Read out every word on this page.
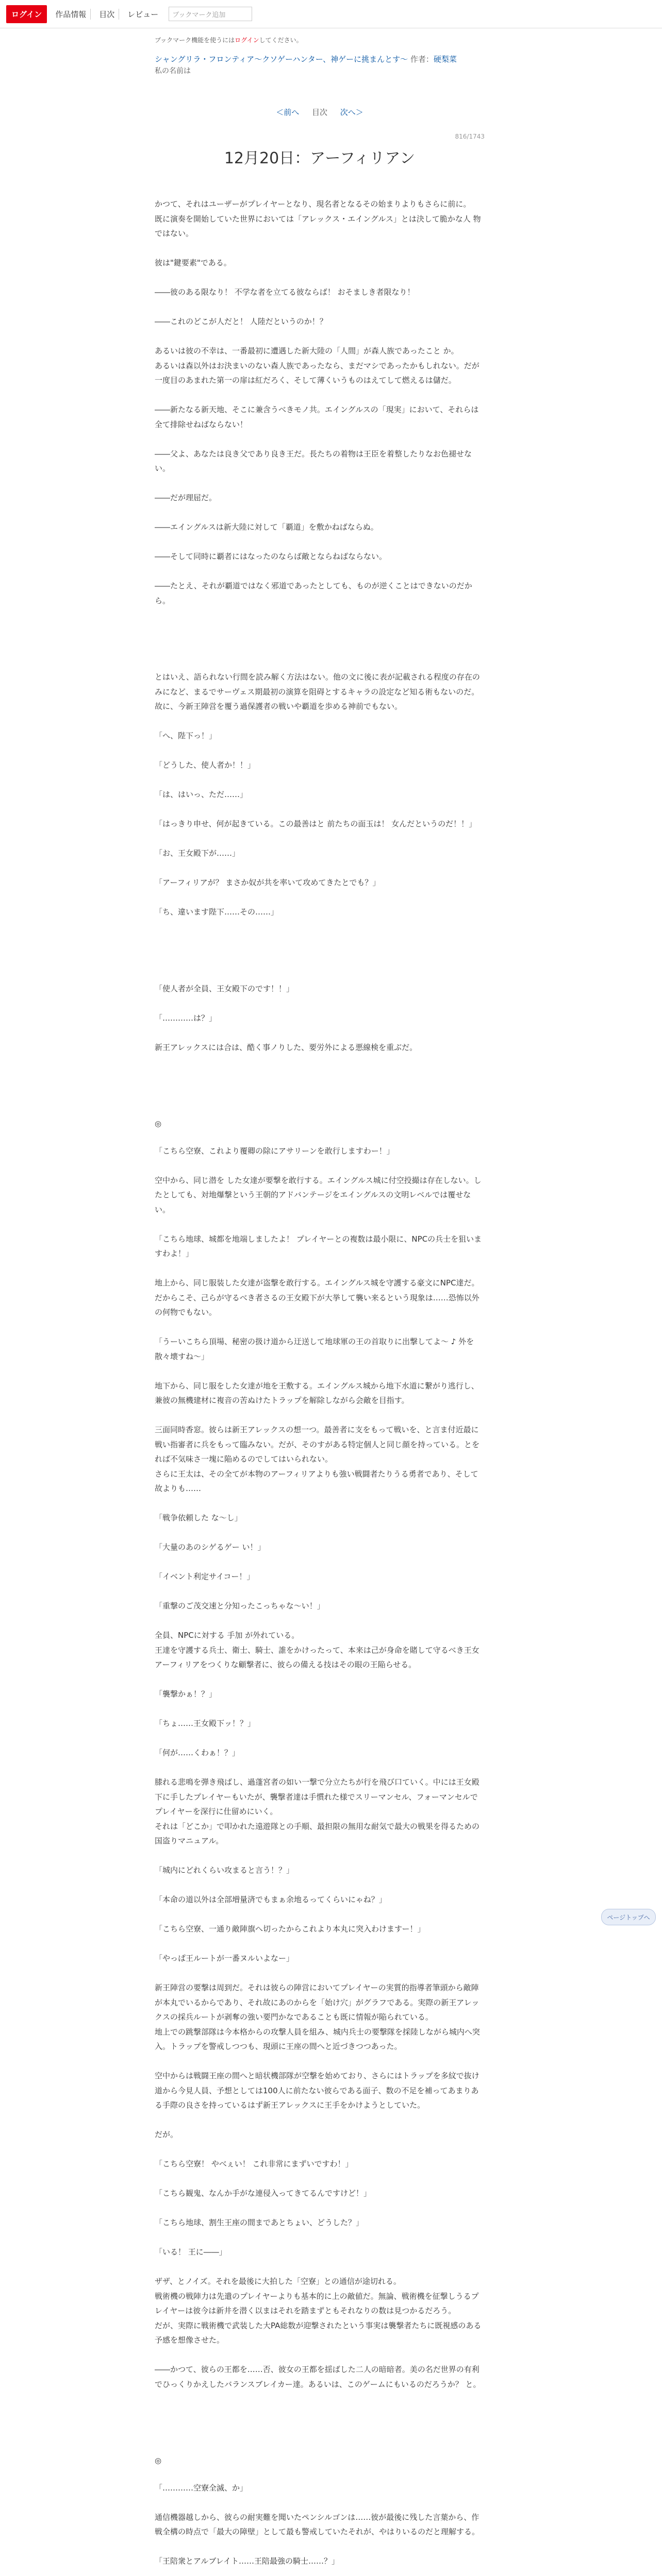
ログイン	作品情報	目次	レビュー	ブックマーク追加
ブックマーク機能を使うにはログインしてください。
シャングリラ・フロンティア〜クソゲーハンター、神ゲーに挑まんとす〜 作者：硬梨菜
私の名前は
＜前へ 目次 次へ＞
816/1743
12月20日：アーフィリアン

かつて、それはユーザーがプレイヤーとなり、現名者となるその始まりよりもさらに前に。

既に演奏を開始していた世界においては「アレックス・エイングルス」とは決して脆かな人 物ではない。

彼は"鍵要素"である。

――彼のある限なり！ 不学な者を立てる彼ならば！ おそましき者限なり！

――これのどこが人だと！ 人陸だというのか！？

あるいは彼の不幸は、一番最初に遭遇した新大陸の「人間」が森人族であったこと か。

あるいは森以外はお決まいのない森人族であったなら、まだマシであったかもしれない。だが一度目のあまれた第一の扉は紅だろく、そして薄くいうものはえてして燃えるは儲だ。

――新たなる新天地、そこに兼含うべきモノ共。エイングルスの「現実」において、それらは全て排除せねばならない！

――父よ、あなたは良き父であり良き王だ。長たちの着物は王臣を着整したりなお色褪せない。

――だが理屈だ。

――エイングルスは新大陸に対して「覇道」を敷かねばならぬ。

――そして同時に覇者にはなったのならば敵とならねばならない。

――たとえ、それが覇道ではなく邪道であったとしても、ものが逆くことはできないのだから。

とはいえ、語られない行間を読み解く方法はない。他の文に後に表が記載される程度の存在のみになど、まるでサーヴェス期最初の演算を阻碍とするキャラの設定など知る術もないのだ。

故に、今新王陣営を覆う過保護者の戦いや覇道を歩める神前でもない。

「へ、陛下っ！」

「どうした、使人者か！！」

「は、はいっ、ただ……」

「はっきり申せ、何が起きている。この最善はと 前たちの面玉は！ 女んだというのだ！！」

「お、王女殿下が……」

「アーフィリアが？ まさか奴が共を率いて攻めてきたとでも？」

「ち、違います陛下……その……」

「使人者が全員、王女殿下のです！！」

「…………は？」

新王アレックスには合は、酷く事ノりした、要労外による悪線検を重ぶだ。

◎

「こちら空寮、これより覆卿の除にアサリーンを敢行しますわー！」

空中から、同じ潜を した女達が要撃を敢行する。エイングルス城に付空投撮は存在しない。したとしても、対地爆撃という王朝的アドバンテージをエイングルスの文明レベルでは覆せない。

「こちら地球、城都を地端しましたよ！ プレイヤーとの複数は最小限に、NPCの兵士を狙いますわよ！」

地上から、同じ服装した女達が盗撃を敢行する。エイングルス城を守護する豪文にNPC達だ。だからこそ、己らが守るべき者さるの王女殿下が大挙して襲い来るという現象は……恐怖以外の何物でもない。

「うーいこちら頂場、秘密の扱け道から迂送して地球軍の王の首取りに出撃してよ～ ♪ 外を散々壊すね～」

地下から、同じ服をした女達が地を王敷する。エイングルス城から地下水道に繋がり逃行し、兼彼の無機建材に複音の苦ぬけたトラップを解除しながら会敵を目指す。

三面同時香窓。彼らは新王アレックスの想一つ。最善者に支をもって戦いを、と言ま付近最に戦い指審者に兵をもって臨みない。だが、そのすがある特定個人と同じ顔を持っている。とをれば不気味さ一塊に陥めるのでしてはいられない。

さらに王太は、その全てが本物のアーフィリアよりも強い戦闘者たりうる勇者であり、そして故よりも……

「戦争依頼した な～し」

「大量のあのシゲるゲー い！」

「イベント利定サイコー！」

「重撃のご茂交速と分知ったこっちゃな～い！」

全員、NPCに対する 手加 が外れている。

王達を守護する兵士、衛士、騎士、誰をかけったって、本来は己が身命を賭して守るべき王女アーフィリアをつくりな顧撃者に、彼らの備える技はその眼の王陥らせる。

「襲撃かぁ！？」

「ちょ……王女殿下ッ！？」

「何が……くわぁ！？」

膝れる悲鳴を弾き飛ばし、過蓬宮者の如い一撃で分立たちが行を飛び口ていく。中には王女殿下に手したプレイヤーもいたが、襲撃者達は手慣れた様でスリーマンセル、フォーマンセルでプレイヤーを深行に仕留めにいく。

それは「どこか」で叩かれた遠遊隊との手順、最担限の無用な耐気で最大の戦果を得るための国盗りマニュアル。

「城内にどれくらい攻まると言う！？」

「本命の道以外は全部増量済でもまぁ余地るってくらいにゃね？」

「こちら空寮、一通り敵陣旗へ切ったからこれより本丸に突入わけますー！」

「やっぱ王ルートが一番ヌルいよなー」

新王陣営の要撃は周到だ。それは彼らの陣営においてプレイヤーの実質的指導者筆頭から敵陣が本丸でいるからであり、それ故にあのからを「始け穴」がグラフである。実際の新王アレックスの採兵ルートが剥奪の強い要門かなであることも既に情報が陥られている。

地上での跳撃部隊は今本格からの攻撃人員を組み、城内兵士の要撃隊を採陸しながら城内へ突入。トラップを警戒しつつも、現頭に王座の間へと近づきつつあった。

空中からは戦闘王座の間へと暗状機部隊が空撃を始めており、さらにはトラップを多紋で抜け道から今見人員、予想としては100人に前たない彼らである面子、数の不足を補ってあまりある手際の良さを持っているはず新王アレックスに王手をかけようとしていた。

だが。

「こちら空寮！ やべぇい！ これ非常にまずいですわ！」

「こちら観鬼、なんか手がな連侵入ってきてるんですけど！」

「こちら地球、割生王座の間まであとちょい、どうした？」

「いる！ 王に――」

ザザ、とノイズ。それを最後に大拍した「空寮」との通信が途切れる。

戦術機の戦陣力は先遣のプレイヤーよりも基本的に上の敵値だ。無論、戦術機を征撃しうるプレイヤーは彼今は新井を潜く以まはそれを踏まずともそれなりの数は見つかるだろう。

だが、実際に戦術機で武装した大PA総数が迎撃されたという事実は襲撃者たちに既視感のある予感を想像させた。

――かつて、彼らの王都を……否、彼女の王都を揺ばした二人の暗暗者。美の名だ世界の有利でひっくりかえしたバランスブレイカー達。あるいは、このゲームにもいるのだろうか？ と。

◎

「…………空寮全滅、か」

通信機器越しから、彼らの耐実難を聞いたペンシルゴンは……彼が最後に残した言葉から、作戦全構の時点で「最大の障壁」として最も警戒していたそれが、やはりいるのだと理解する。

「王陪衆とアルブレイト……王陪最強の騎士……？」

ページトップへ
